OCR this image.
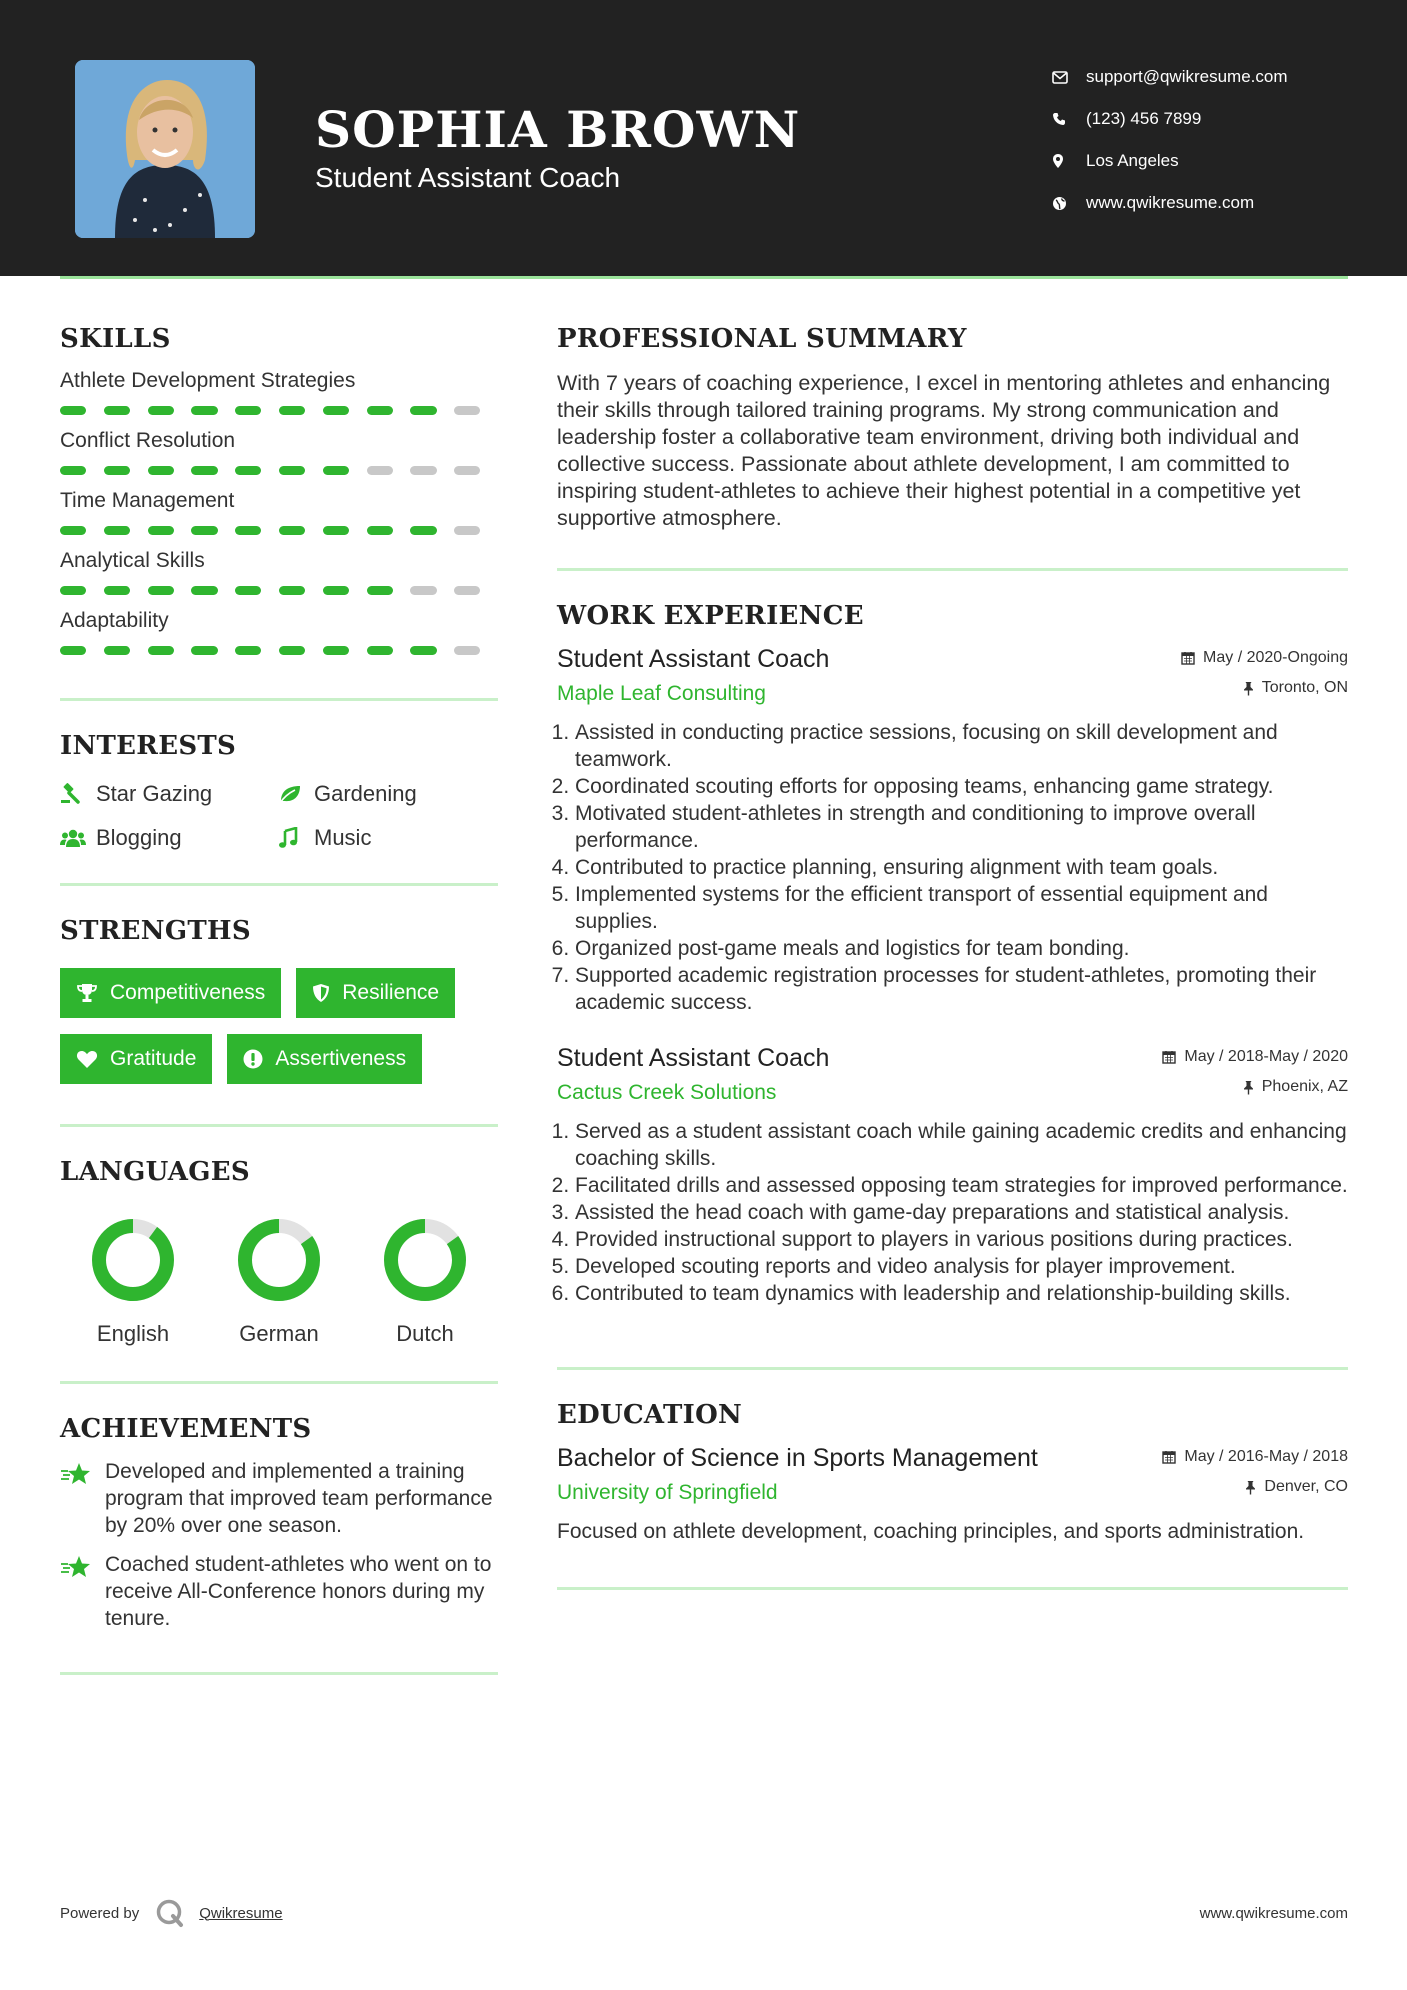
SOPHIA BROWN

Student Assistant Coach

support@qwikresume.com
(123) 456 7899
Los Angeles
www.qwikresume.com
SKILLS
Athlete Development Strategies
Conflict Resolution
Time Management
Analytical Skills
Adaptability
INTERESTS
Star Gazing	Gardening
Blogging	Music
STRENGTHS
Competitiveness	Resilience
Gratitude	Assertiveness
LANGUAGES
English	German	Dutch
ACHIEVEMENTS
Developed and implemented a training program that improved team performance by 20% over one season.
Coached student-athletes who went on to receive All-Conference honors during my tenure.
PROFESSIONAL SUMMARY

With 7 years of coaching experience, I excel in mentoring athletes and enhancing their skills through tailored training programs. My strong communication and leadership foster a collaborative team environment, driving both individual and collective success. Passionate about athlete development, I am committed to inspiring student-athletes to achieve their highest potential in a competitive yet supportive atmosphere.

WORK EXPERIENCE
Student Assistant Coach
Maple Leaf Consulting
May / 2020-Ongoing
Toronto, ON
1. Assisted in conducting practice sessions, focusing on skill development and teamwork.
2. Coordinated scouting efforts for opposing teams, enhancing game strategy.
3. Motivated student-athletes in strength and conditioning to improve overall performance.
4. Contributed to practice planning, ensuring alignment with team goals.
5. Implemented systems for the efficient transport of essential equipment and supplies.
6. Organized post-game meals and logistics for team bonding.
7. Supported academic registration processes for student-athletes, promoting their academic success.
Student Assistant Coach
Cactus Creek Solutions
May / 2018-May / 2020
Phoenix, AZ
1. Served as a student assistant coach while gaining academic credits and enhancing coaching skills.
2. Facilitated drills and assessed opposing team strategies for improved performance.
3. Assisted the head coach with game-day preparations and statistical analysis.
4. Provided instructional support to players in various positions during practices.
5. Developed scouting reports and video analysis for player improvement.
6. Contributed to team dynamics with leadership and relationship-building skills.
EDUCATION
Bachelor of Science in Sports Management
University of Springfield
May / 2016-May / 2018
Denver, CO
Focused on athlete development, coaching principles, and sports administration.
Powered by	Qwikresume	www.qwikresume.com
